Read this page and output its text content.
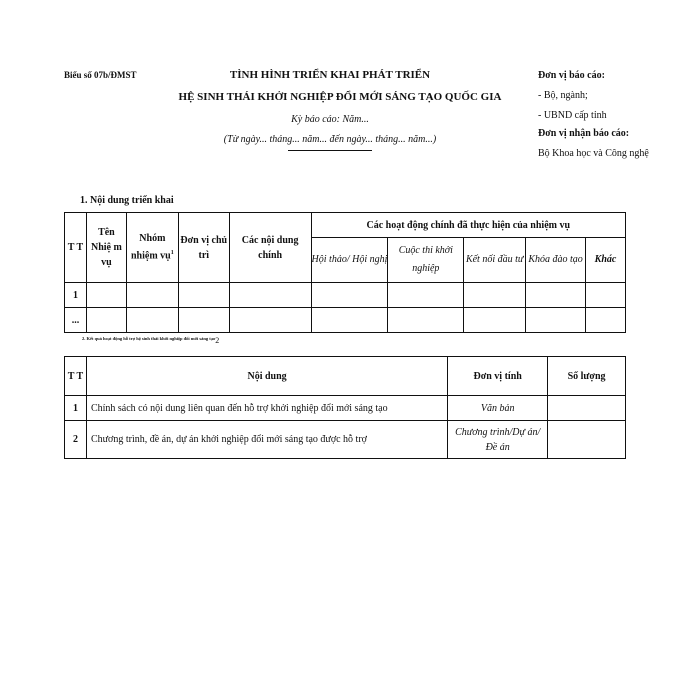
Biểu số 07b/ĐMST	TÌNH HÌNH TRIỂN KHAI PHÁT TRIỂN
HỆ SINH THÁI KHỞI NGHIỆP ĐỔI MỚI SÁNG TẠO QUỐC GIA
Kỳ báo cáo: Năm...
(Từ ngày... tháng... năm... đến ngày... tháng... năm...)
Đơn vị báo cáo:
- Bộ, ngành;
- UBND cấp tỉnh
Đơn vị nhận báo cáo:
Bộ Khoa học và Công nghệ
1. Nội dung triển khai
T T	Tên Nhiệ m vụ	Nhóm nhiệm vụ$^1$	Đơn vị chủ trì	Các nội dung chính	Các hoạt động chính đã thực hiện của nhiệm vụ				
					Hội thảo/ Hội nghị	Cuộc thi khởi nghiệp	Kết nối đầu tư	Khóa đào tạo	Khác
1									
...									
2. Kết quả hoạt động hỗ trợ hệ sinh thái khởi nghiệp đổi mới sáng tạo$^2$
T T	Nội dung	Đơn vị tính	Số lượng
1	Chính sách có nội dung liên quan đến hỗ trợ khởi nghiệp đổi mới sáng tạo	Văn bản	
2	Chương trình, đề án, dự án khởi nghiệp đổi mới sáng tạo được hỗ trợ	Chương trình/Dự án/ Đề án	
